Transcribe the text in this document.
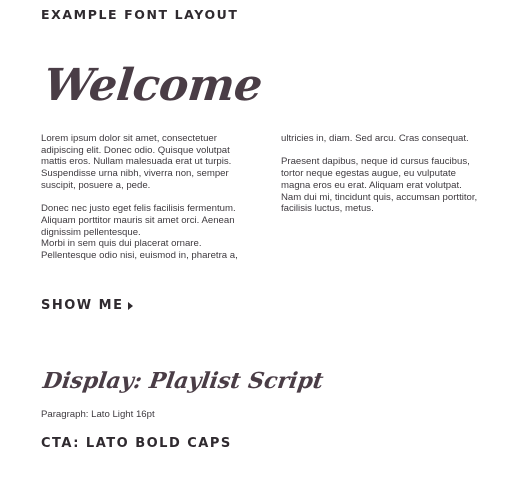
EXAMPLE FONT LAYOUT
Welcome

Lorem ipsum dolor sit amet, consectetuer adipiscing elit. Donec odio. Quisque volutpat mattis eros. Nullam malesuada erat ut turpis. Suspendisse urna nibh, viverra non, semper suscipit, posuere a, pede.

Donec nec justo eget felis facilisis fermentum. Aliquam porttitor mauris sit amet orci. Aenean dignissim pellentesque.

Morbi in sem quis dui placerat ornare. Pellentesque odio nisi, euismod in, pharetra a,

ultricies in, diam. Sed arcu. Cras consequat.

Praesent dapibus, neque id cursus faucibus, tortor neque egestas augue, eu vulputate magna eros eu erat. Aliquam erat volutpat. Nam dui mi, tincidunt quis, accumsan porttitor, facilisis luctus, metus.

SHOW ME
Display: Playlist Script
Paragraph: Lato Light 16pt
CTA: LATO BOLD CAPS
